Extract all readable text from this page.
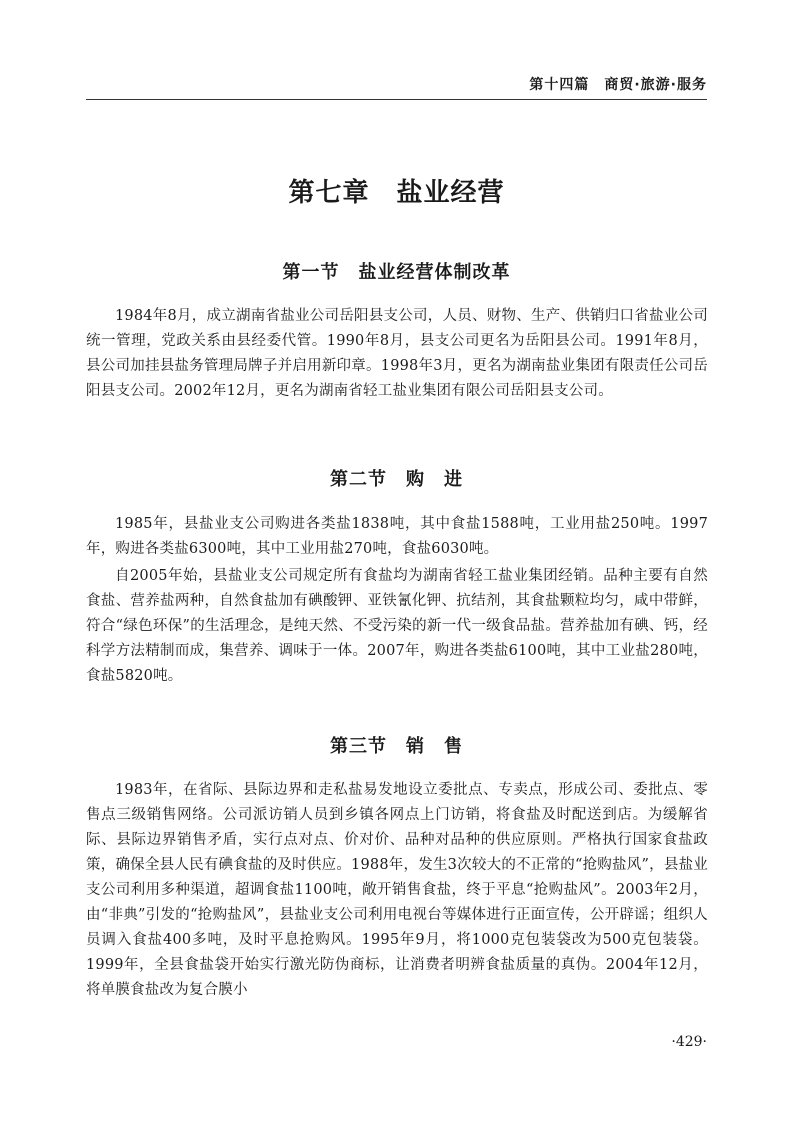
第十四篇　商贸·旅游·服务
第七章　盐业经营
第一节　盐业经营体制改革

1984年8月，成立湖南省盐业公司岳阳县支公司，人员、财物、生产、供销归口省盐业公司统一管理，党政关系由县经委代管。1990年8月，县支公司更名为岳阳县公司。1991年8月，县公司加挂县盐务管理局牌子并启用新印章。1998年3月，更名为湖南盐业集团有限责任公司岳阳县支公司。2002年12月，更名为湖南省轻工盐业集团有限公司岳阳县支公司。

第二节　购　进

1985年，县盐业支公司购进各类盐1838吨，其中食盐1588吨，工业用盐250吨。1997年，购进各类盐6300吨，其中工业用盐270吨，食盐6030吨。

自2005年始，县盐业支公司规定所有食盐均为湖南省轻工盐业集团经销。品种主要有自然食盐、营养盐两种，自然食盐加有碘酸钾、亚铁氰化钾、抗结剂，其食盐颗粒均匀，咸中带鲜，符合“绿色环保”的生活理念，是纯天然、不受污染的新一代一级食品盐。营养盐加有碘、钙，经科学方法精制而成，集营养、调味于一体。2007年，购进各类盐6100吨，其中工业盐280吨，食盐5820吨。

第三节　销　售

1983年，在省际、县际边界和走私盐易发地设立委批点、专卖点，形成公司、委批点、零售点三级销售网络。公司派访销人员到乡镇各网点上门访销，将食盐及时配送到店。为缓解省际、县际边界销售矛盾，实行点对点、价对价、品种对品种的供应原则。严格执行国家食盐政策，确保全县人民有碘食盐的及时供应。1988年，发生3次较大的不正常的“抢购盐风”，县盐业支公司利用多种渠道，超调食盐1100吨，敞开销售食盐，终于平息“抢购盐风”。2003年2月，由“非典”引发的“抢购盐风”，县盐业支公司利用电视台等媒体进行正面宣传，公开辟谣；组织人员调入食盐400多吨，及时平息抢购风。1995年9月，将1000克包装袋改为500克包装袋。1999年，全县食盐袋开始实行激光防伪商标，让消费者明辨食盐质量的真伪。2004年12月，将单膜食盐改为复合膜小

·429·
